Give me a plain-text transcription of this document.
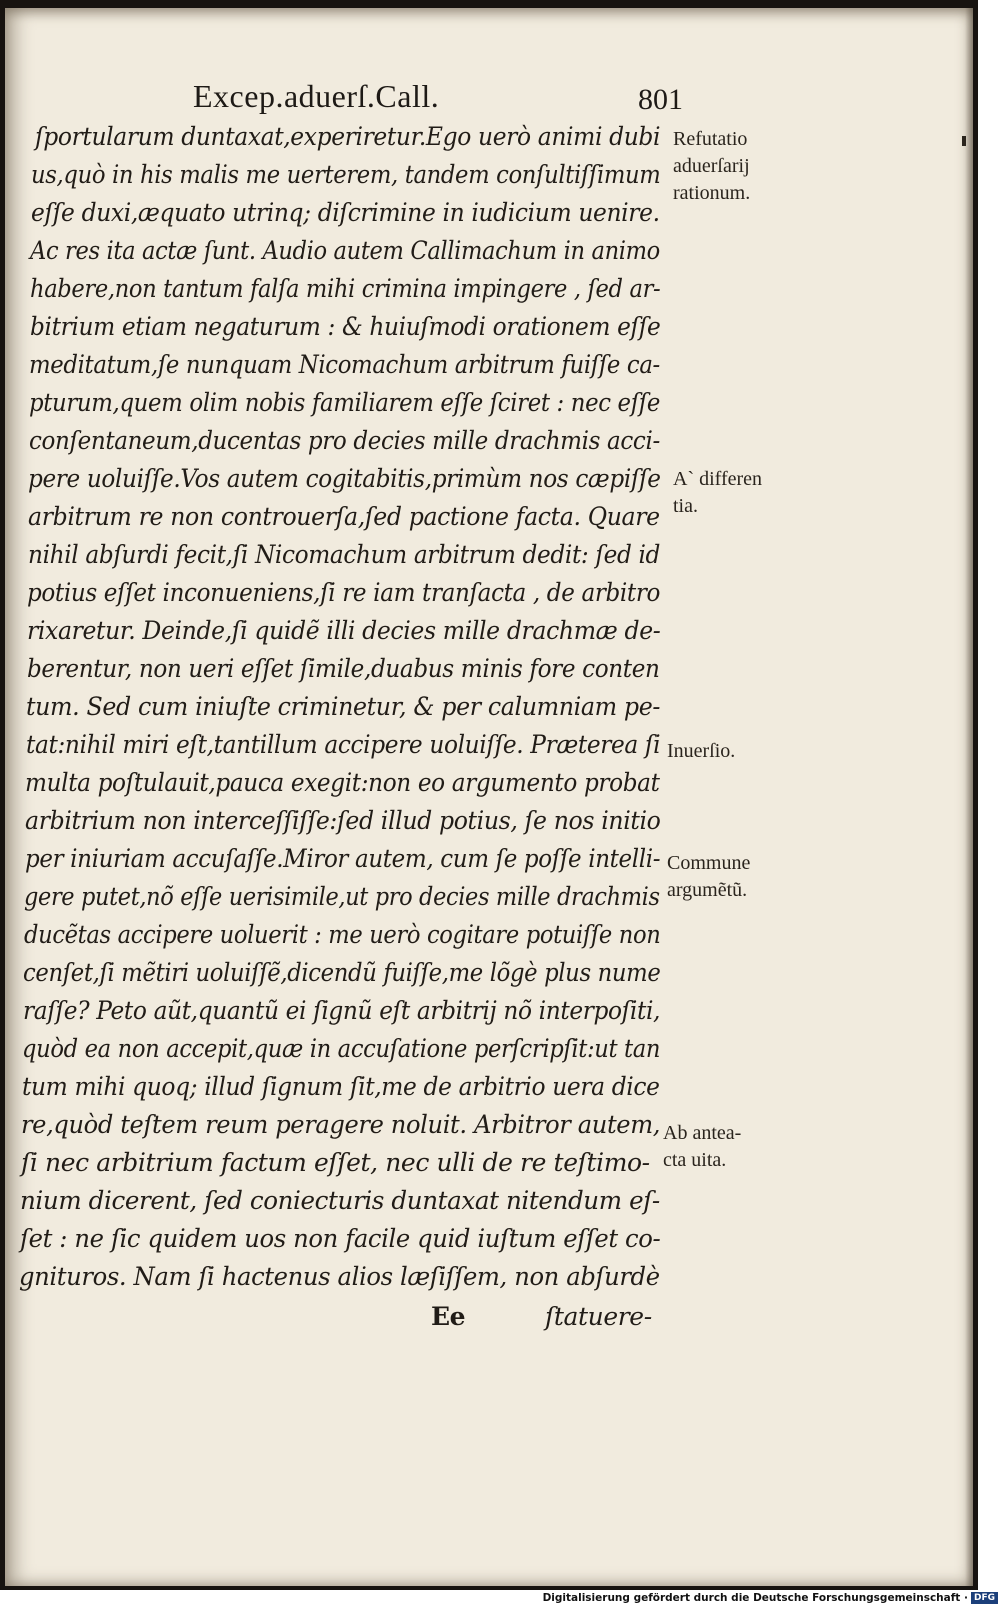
Excep.aduerſ.Call.	801
ſportularum duntaxat,experiretur.Ego uerò animi dubi
us,quò in his malis me uerterem, tandem conſultiſſimum
eſſe duxi,æquato utrinq; diſcrimine in iudicium uenire.
Ac res ita actæ ſunt. Audio autem Callimachum in animo
habere,non tantum falſa mihi crimina impingere , ſed ar-
bitrium etiam negaturum : & huiuſmodi orationem eſſe
meditatum,ſe nunquam Nicomachum arbitrum fuiſſe ca-
pturum,quem olim nobis familiarem eſſe ſciret : nec eſſe
conſentaneum,ducentas pro decies mille drachmis acci-
pere uoluiſſe.Vos autem cogitabitis,primùm nos cæpiſſe
arbitrum re non controuerſa,ſed pactione facta. Quare
nihil abſurdi fecit,ſi Nicomachum arbitrum dedit: ſed id
potius eſſet inconueniens,ſi re iam tranſacta , de arbitro
rixaretur. Deinde,ſi quidẽ illi decies mille drachmæ de-
berentur, non ueri eſſet ſimile,duabus minis fore conten
tum. Sed cum iniuſte criminetur, & per calumniam pe-
tat:nihil miri eſt,tantillum accipere uoluiſſe. Præterea ſi
multa poſtulauit,pauca exegit:non eo argumento probat
arbitrium non interceſſiſſe:ſed illud potius, ſe nos initio
per iniuriam accuſaſſe.Miror autem, cum ſe poſſe intelli-
gere putet,nõ eſſe uerisimile,ut pro decies mille drachmis
ducẽtas accipere uoluerit : me uerò cogitare potuiſſe non
cenſet,ſi mẽtiri uoluiſſẽ,dicendũ fuiſſe,me lõgè plus nume
raſſe? Peto aũt,quantũ ei ſignũ eſt arbitrij nõ interpoſiti,
quòd ea non accepit,quæ in accuſatione perſcripſit:ut tan
tum mihi quoq; illud ſignum ſit,me de arbitrio uera dice
re,quòd teſtem reum peragere noluit. Arbitror autem,
ſi nec arbitrium factum eſſet, nec ulli de re teſtimo-
nium dicerent, ſed coniecturis duntaxat nitendum eſ-
ſet : ne ſic quidem uos non facile quid iuſtum eſſet co-
gnituros. Nam ſi hactenus alios læſiſſem, non abſurdè
Ee	ſtatuere-
Refutatio
aduerſarij
rationum.
A` differen
tia.
Inuerſio.
Commune
argumẽtũ.
Ab antea-
cta uita.
Digitalisierung gefördert durch die Deutsche Forschungsgemeinschaft · DFG
